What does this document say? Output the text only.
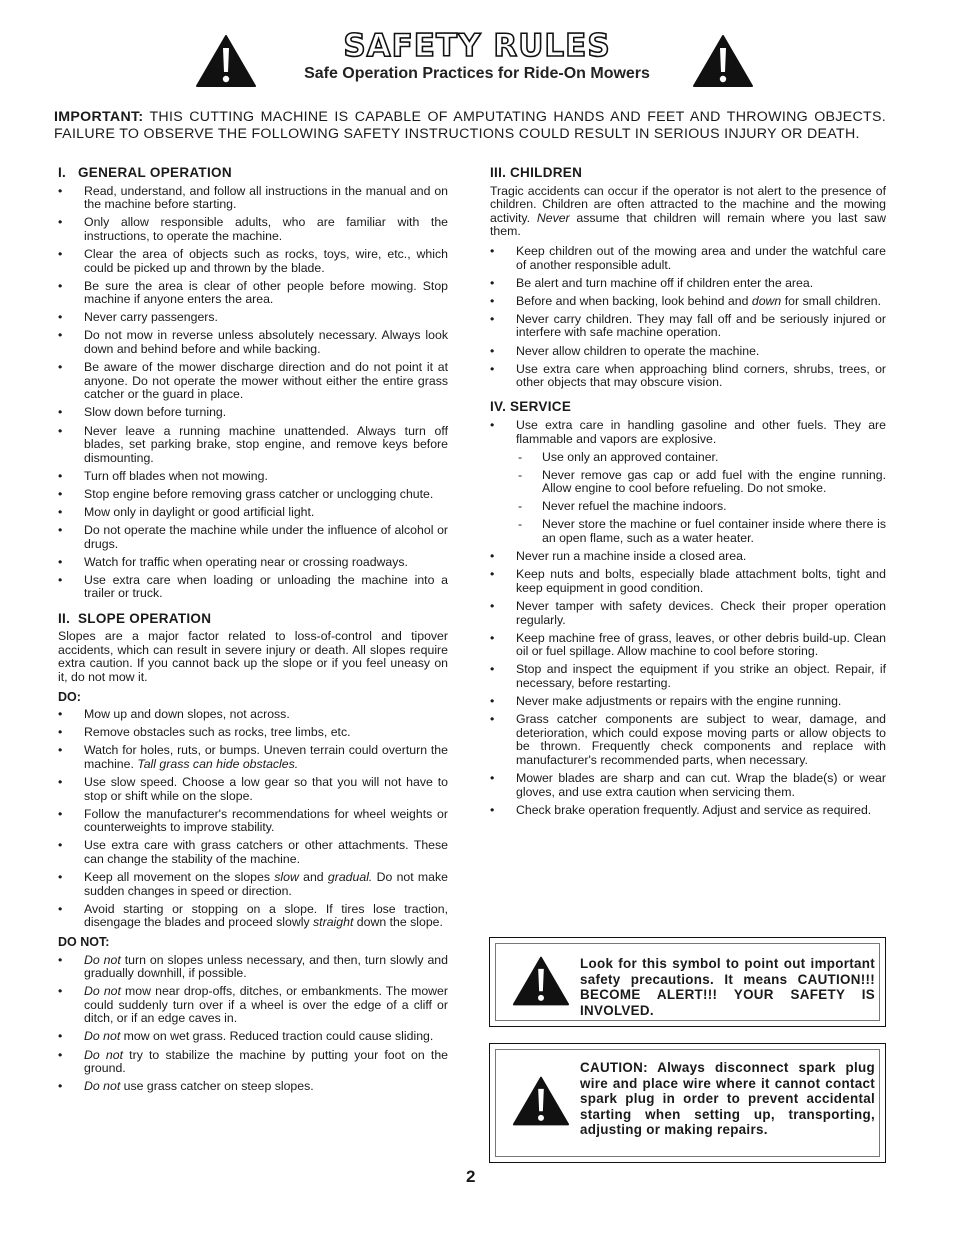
SAFETY RULES
Safe Operation Practices for Ride-On Mowers
IMPORTANT: THIS CUTTING MACHINE IS CAPABLE OF AMPUTATING HANDS AND FEET AND THROWING OBJECTS. FAILURE TO OBSERVE THE FOLLOWING SAFETY INSTRUCTIONS COULD RESULT IN SERIOUS INJURY OR DEATH.
I. GENERAL OPERATION
• Read, understand, and follow all instructions in the manual and on the machine before starting.
• Only allow responsible adults, who are familiar with the instructions, to operate the machine.
• Clear the area of objects such as rocks, toys, wire, etc., which could be picked up and thrown by the blade.
• Be sure the area is clear of other people before mowing. Stop machine if anyone enters the area.
• Never carry passengers.
• Do not mow in reverse unless absolutely necessary. Always look down and behind before and while backing.
• Be aware of the mower discharge direction and do not point it at anyone. Do not operate the mower without either the entire grass catcher or the guard in place.
• Slow down before turning.
• Never leave a running machine unattended. Always turn off blades, set parking brake, stop engine, and remove keys before dismounting.
• Turn off blades when not mowing.
• Stop engine before removing grass catcher or unclogging chute.
• Mow only in daylight or good artificial light.
• Do not operate the machine while under the influence of alcohol or drugs.
• Watch for traffic when operating near or crossing roadways.
• Use extra care when loading or unloading the machine into a trailer or truck.
II. SLOPE OPERATION

Slopes are a major factor related to loss-of-control and tipover accidents, which can result in severe injury or death. All slopes require extra caution. If you cannot back up the slope or if you feel uneasy on it, do not mow it.

DO:
• Mow up and down slopes, not across.
• Remove obstacles such as rocks, tree limbs, etc.
• Watch for holes, ruts, or bumps. Uneven terrain could overturn the machine. Tall grass can hide obstacles.
• Use slow speed. Choose a low gear so that you will not have to stop or shift while on the slope.
• Follow the manufacturer's recommendations for wheel weights or counterweights to improve stability.
• Use extra care with grass catchers or other attachments. These can change the stability of the machine.
• Keep all movement on the slopes slow and gradual. Do not make sudden changes in speed or direction.
• Avoid starting or stopping on a slope. If tires lose traction, disengage the blades and proceed slowly straight down the slope.
DO NOT:
• Do not turn on slopes unless necessary, and then, turn slowly and gradually downhill, if possible.
• Do not mow near drop-offs, ditches, or embankments. The mower could suddenly turn over if a wheel is over the edge of a cliff or ditch, or if an edge caves in.
• Do not mow on wet grass. Reduced traction could cause sliding.
• Do not try to stabilize the machine by putting your foot on the ground.
• Do not use grass catcher on steep slopes.
III. CHILDREN

Tragic accidents can occur if the operator is not alert to the presence of children. Children are often attracted to the machine and the mowing activity. Never assume that children will remain where you last saw them.

• Keep children out of the mowing area and under the watchful care of another responsible adult.
• Be alert and turn machine off if children enter the area.
• Before and when backing, look behind and down for small children.
• Never carry children. They may fall off and be seriously injured or interfere with safe machine operation.
• Never allow children to operate the machine.
• Use extra care when approaching blind corners, shrubs, trees, or other objects that may obscure vision.
IV. SERVICE
• Use extra care in handling gasoline and other fuels. They are flammable and vapors are explosive.
- Use only an approved container.
- Never remove gas cap or add fuel with the engine running. Allow engine to cool before refueling. Do not smoke.
- Never refuel the machine indoors.
- Never store the machine or fuel container inside where there is an open flame, such as a water heater.
• Never run a machine inside a closed area.
• Keep nuts and bolts, especially blade attachment bolts, tight and keep equipment in good condition.
• Never tamper with safety devices. Check their proper operation regularly.
• Keep machine free of grass, leaves, or other debris build-up. Clean oil or fuel spillage. Allow machine to cool before storing.
• Stop and inspect the equipment if you strike an object. Repair, if necessary, before restarting.
• Never make adjustments or repairs with the engine running.
• Grass catcher components are subject to wear, damage, and deterioration, which could expose moving parts or allow objects to be thrown. Frequently check components and replace with manufacturer's recommended parts, when necessary.
• Mower blades are sharp and can cut. Wrap the blade(s) or wear gloves, and use extra caution when servicing them.
• Check brake operation frequently. Adjust and service as required.
Look for this symbol to point out important safety precautions. It means CAUTION!!! BECOME ALERT!!! YOUR SAFETY IS INVOLVED.
CAUTION: Always disconnect spark plug wire and place wire where it cannot contact spark plug in order to prevent accidental starting when setting up, transporting, adjusting or making repairs.
2
